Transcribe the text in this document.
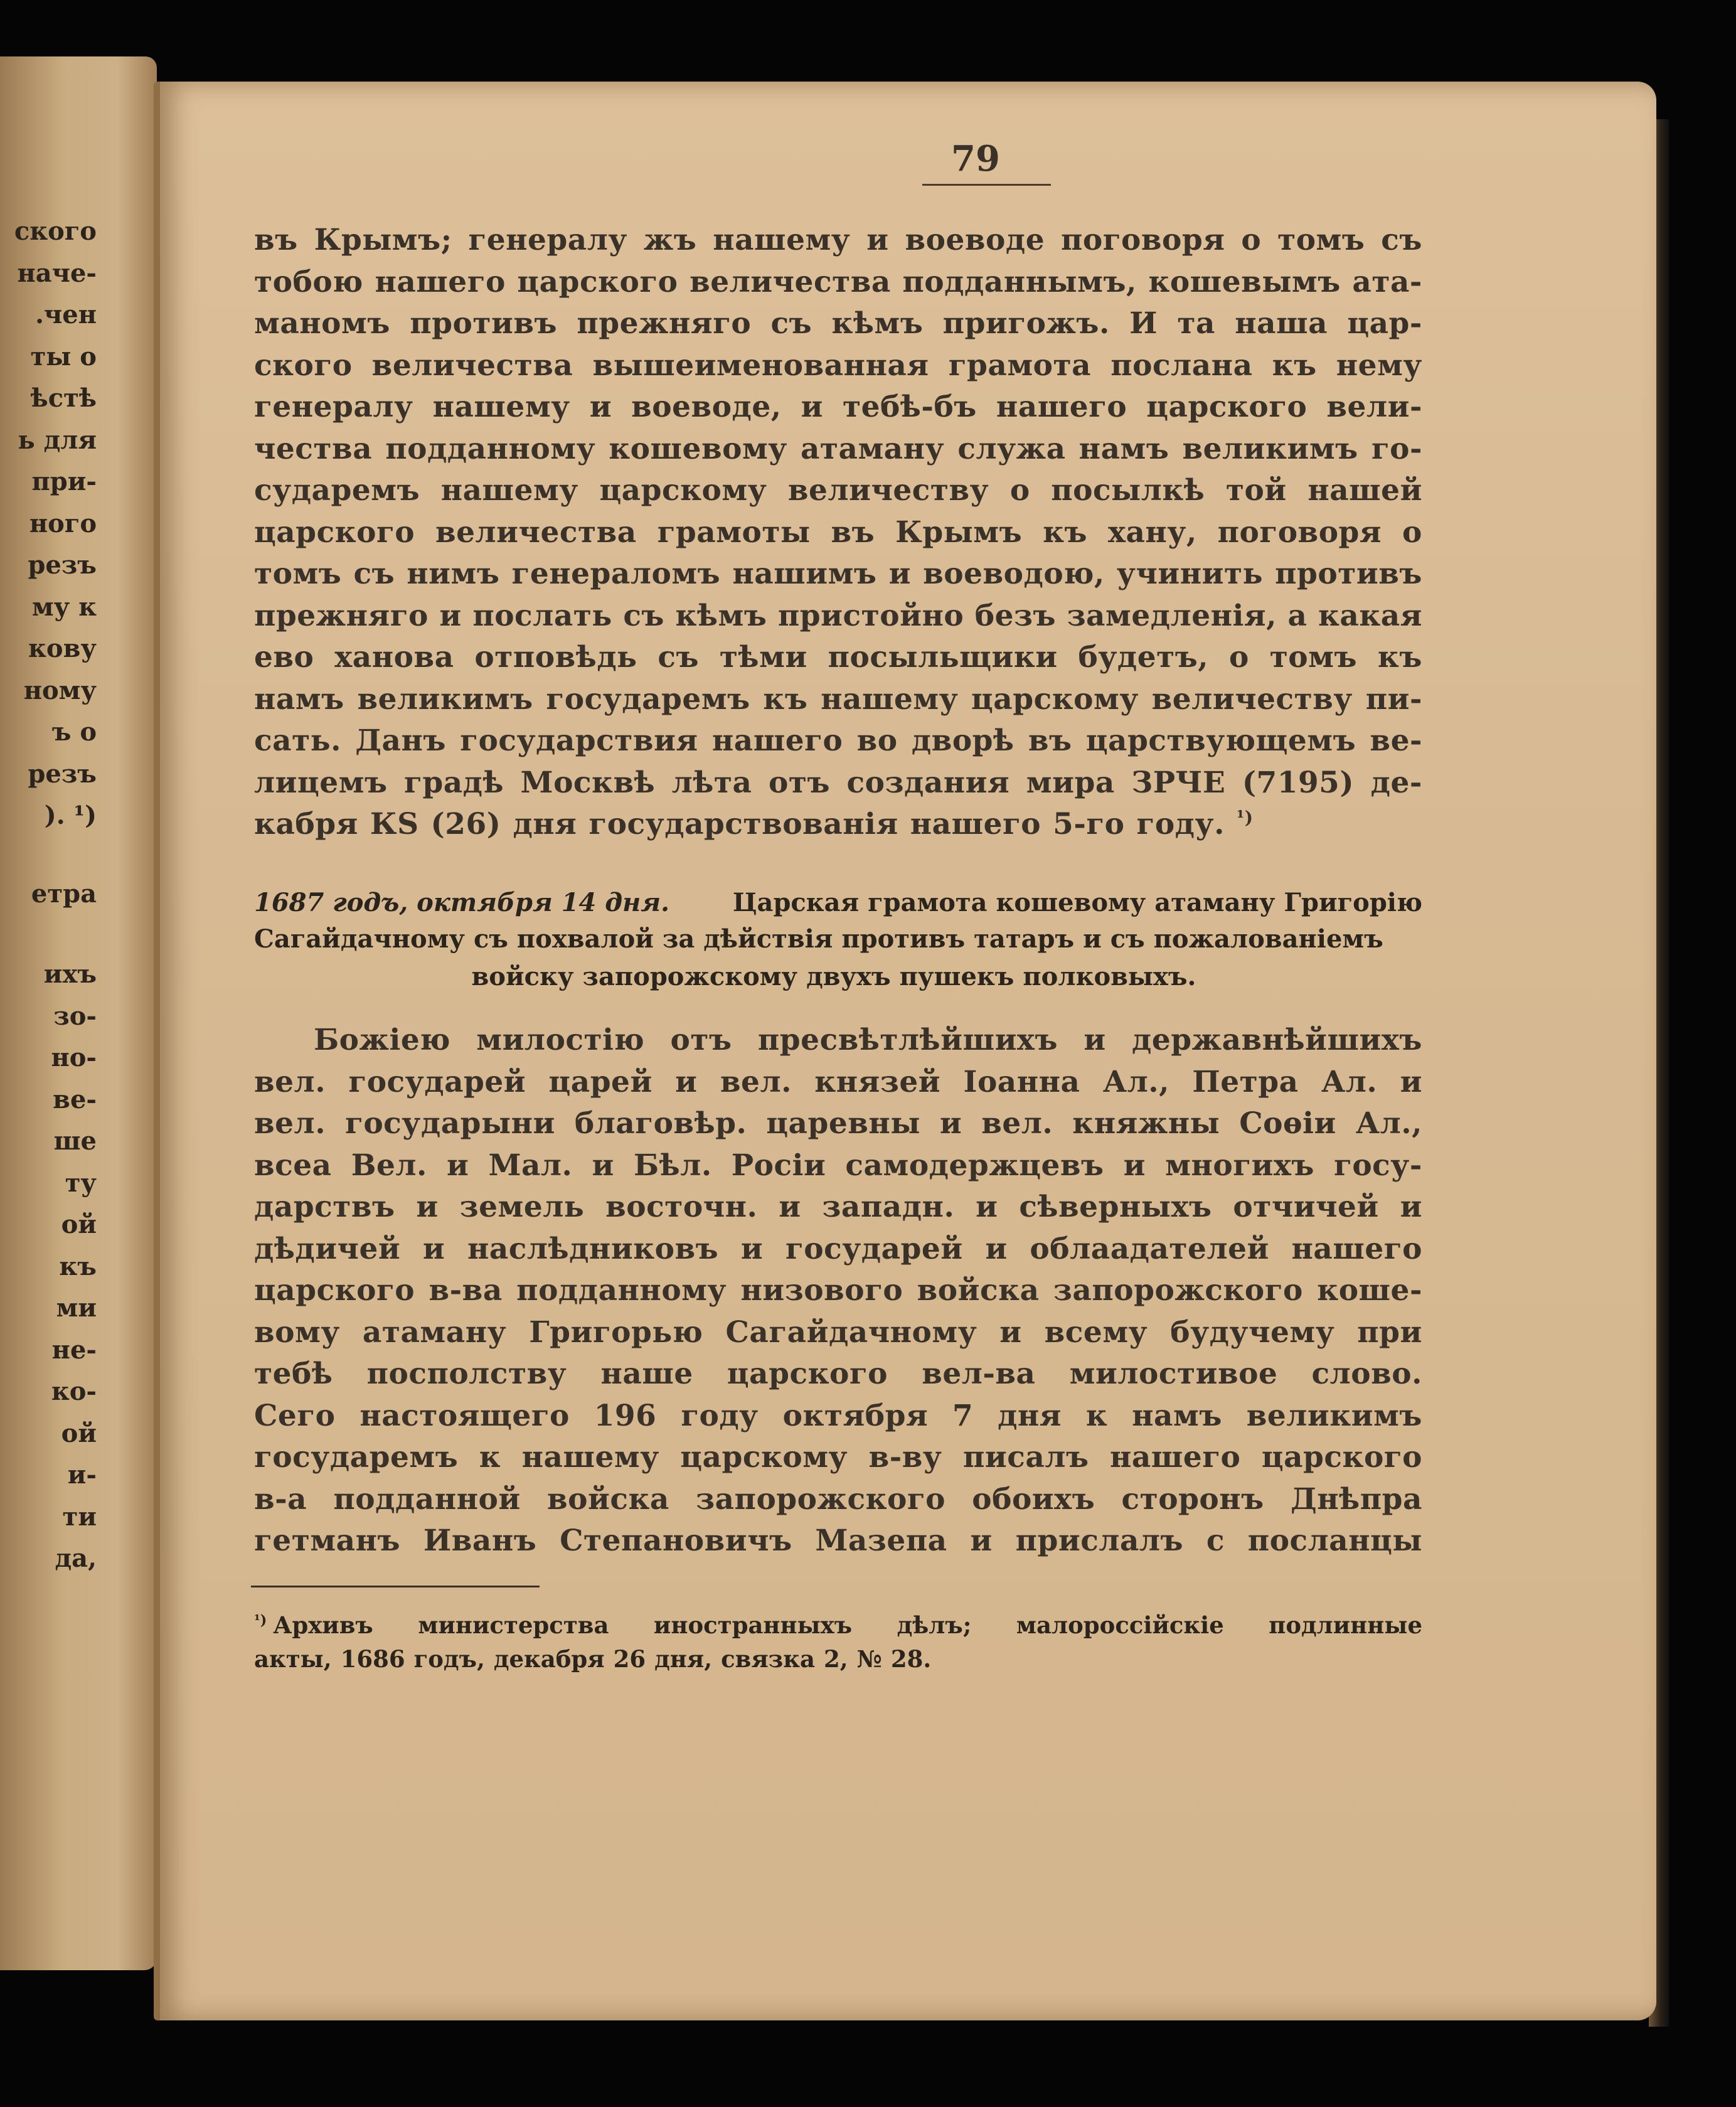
ского
наче-
.чен
ты о
ѣстѣ
ь для
при-
ного
резъ
му к
кову
ному
ъ о
резъ
). ¹)
етра
ихъ
зо-
но-
ве-
ше
ту
ой
къ
ми
не-
ко-
ой
и-
ти
да,
79
въ Крымъ; генералу жъ нашему и воеводе поговоря о томъ съ
тобою нашего царского величества подданнымъ, кошевымъ ата-
маномъ противъ прежняго съ кѣмъ пригожъ. И та наша цар-
ского величества вышеименованная грамота послана къ нему
генералу нашему и воеводе, и тебѣ-бъ нашего царского вели-
чества подданному кошевому атаману служа намъ великимъ го-
сударемъ нашему царскому величеству о посылкѣ той нашей
царского величества грамоты въ Крымъ къ хану, поговоря о
томъ съ нимъ генераломъ нашимъ и воеводою, учинить противъ
прежняго и послать съ кѣмъ пристойно безъ замедленія, а какая
ево ханова отповѣдь съ тѣми посыльщики будетъ, о томъ къ
намъ великимъ государемъ къ нашему царскому величеству пи-
сать. Данъ государствия нашего во дворѣ въ царствующемъ ве-
лицемъ градѣ Москвѣ лѣта отъ создания мира ЗРЧЕ (7195) де-
кабря КS (26) дня государствованія нашего 5-го году. $^{^1)}$
1687 годъ, октября 14 дня.	Царская грамота кошевому атаману Григорію
Сагайдачному съ похвалой за дѣйствія противъ татаръ и съ пожалованіемъ
войску запорожскому двухъ пушекъ полковыхъ.
Божіею милостію отъ пресвѣтлѣйшихъ и державнѣйшихъ
вел. государей царей и вел. князей Іоанна Ал., Петра Ал. и
вел. государыни благовѣр. царевны и вел. княжны Соѳіи Ал.,
всеа Вел. и Мал. и Бѣл. Росіи самодержцевъ и многихъ госу-
дарствъ и земель восточн. и западн. и сѣверныхъ отчичей и
дѣдичей и наслѣдниковъ и государей и облаадателей нашего
царского в-ва подданному низового войска запорожского коше-
вому атаману Григорью Сагайдачному и всему будучему при
тебѣ посполству наше царского вел-ва милостивое слово.
Сего настоящего 196 году октября 7 дня к намъ великимъ
государемъ к нашему царскому в-ву писалъ нашего царского
в-а подданной войска запорожского обоихъ сторонъ Днѣпра
гетманъ Иванъ Степановичъ Мазепа и прислалъ с посланцы
$^{^1)}$ Архивъ министерства иностранныхъ дѣлъ; малороссійскіе подлинные
акты, 1686 годъ, декабря 26 дня, связка 2, № 28.
